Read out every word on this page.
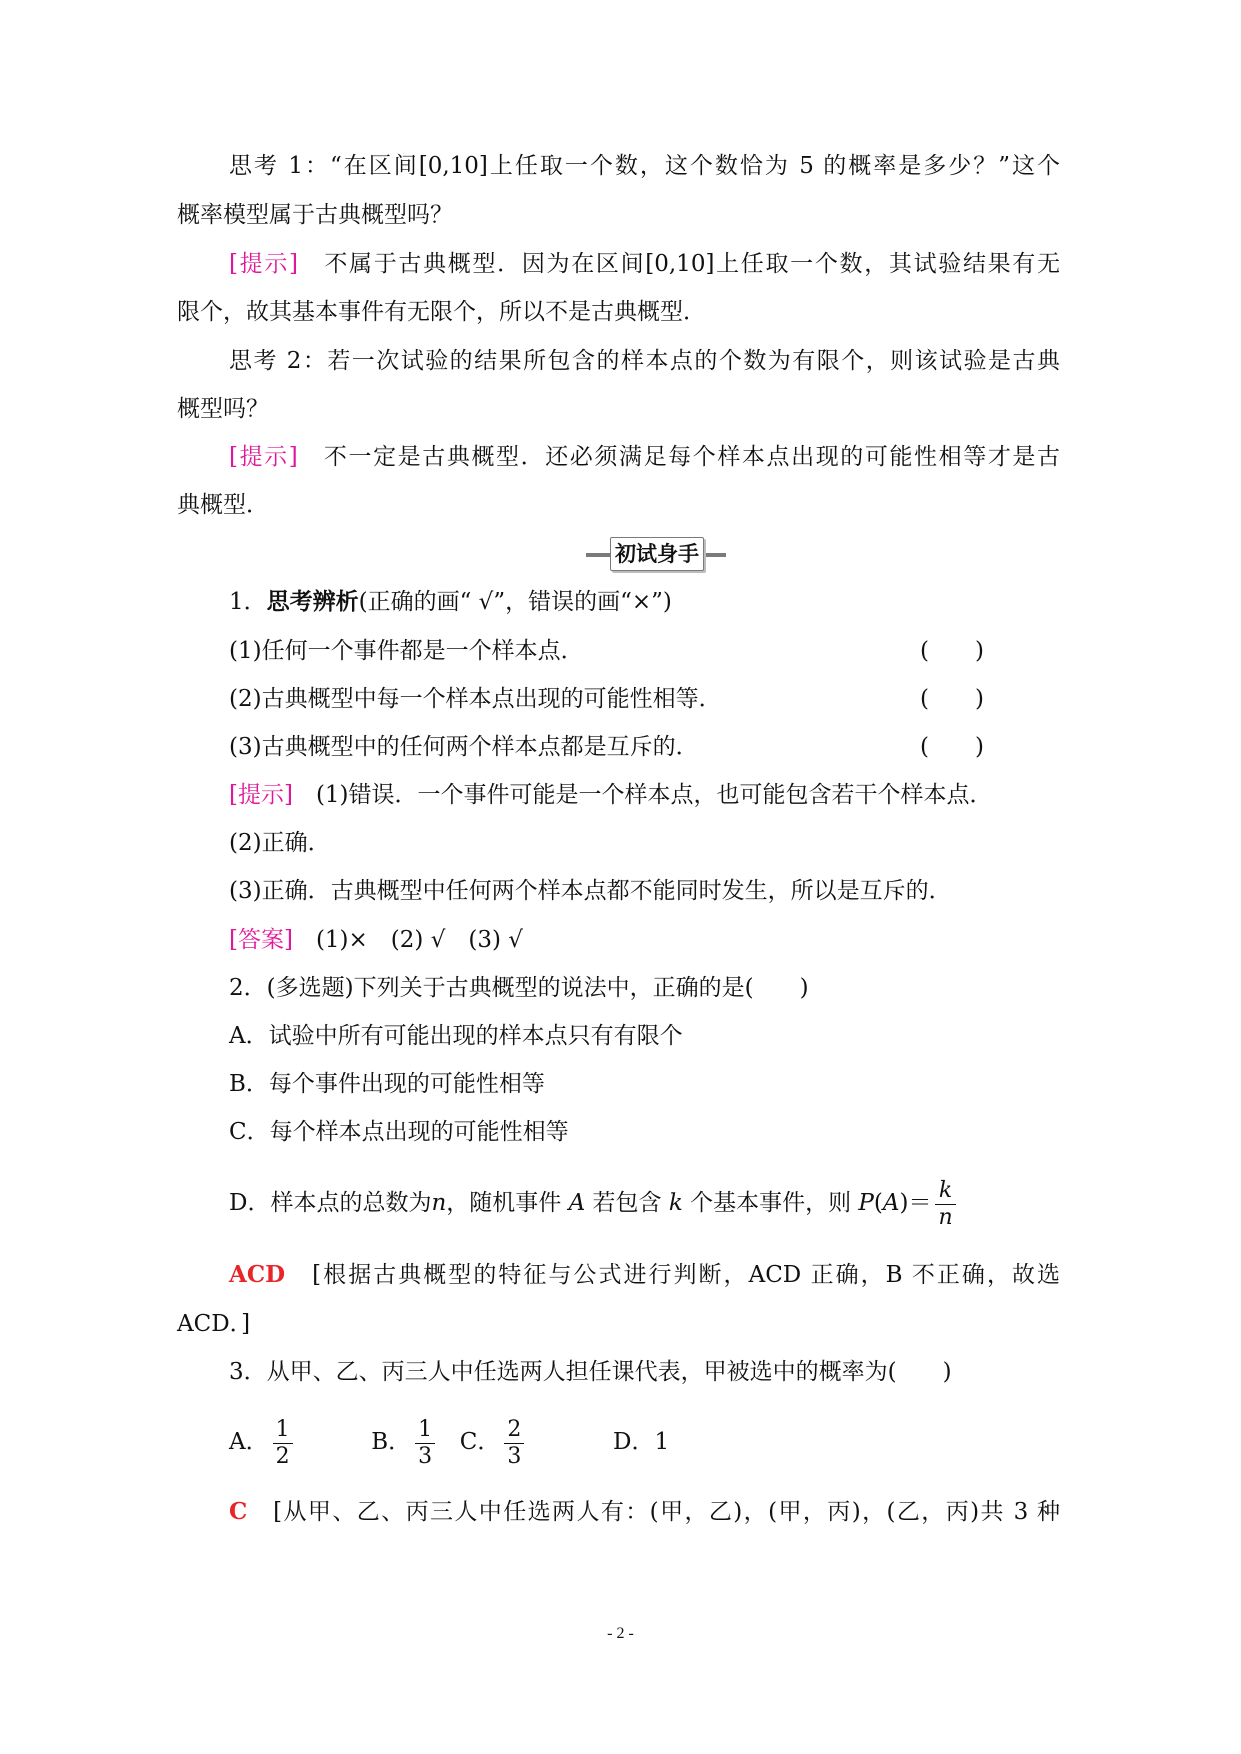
思考 1：“在区间[0,10]上任取一个数，这个数恰为 5 的概率是多少？”这个
概率模型属于古典概型吗？
[提示]　 不属于古典概型．因为在区间[0,10]上任取一个数，其试验结果有无
限个，故其基本事件有无限个，所以不是古典概型．
思考 2：若一次试验的结果所包含的样本点的个数为有限个，则该试验是古典
概型吗？
[提示]　 不一定是古典概型．还必须满足每个样本点出现的可能性相等才是古
典概型．
初试身手
1．思考辨析(正确的画“ √”，错误的画“×”)
(1)任何一个事件都是一个样本点．	(　　)
(2)古典概型中每一个样本点出现的可能性相等．	(　　)
(3)古典概型中的任何两个样本点都是互斥的．	(　　)
[提示]　 (1)错误．一个事件可能是一个样本点，也可能包含若干个样本点．
(2)正确．
(3)正确．古典概型中任何两个样本点都不能同时发生，所以是互斥的．
[答案]　 (1)×　(2) √　(3) √
2．(多选题)下列关于古典概型的说法中，正确的是(　　)
A．试验中所有可能出现的样本点只有有限个
B．每个事件出现的可能性相等
C．每个样本点出现的可能性相等
D．样本点的总数为n，随机事件 A 若包含 k 个基本事件，则 $P(A)= \frac{k}{n}$
ACD　 [根据古典概型的特征与公式进行判断，ACD 正确，B 不正确，故选
ACD．]
3．从甲、乙、丙三人中任选两人担任课代表，甲被选中的概率为(　　)
A． $\frac{1}{2}$	B． $\frac{1}{3}$ C． $\frac{2}{3}$	D．1
C　 [从甲、乙、丙三人中任选两人有：(甲，乙)，(甲，丙)，(乙，丙)共 3 种
- 2 -
